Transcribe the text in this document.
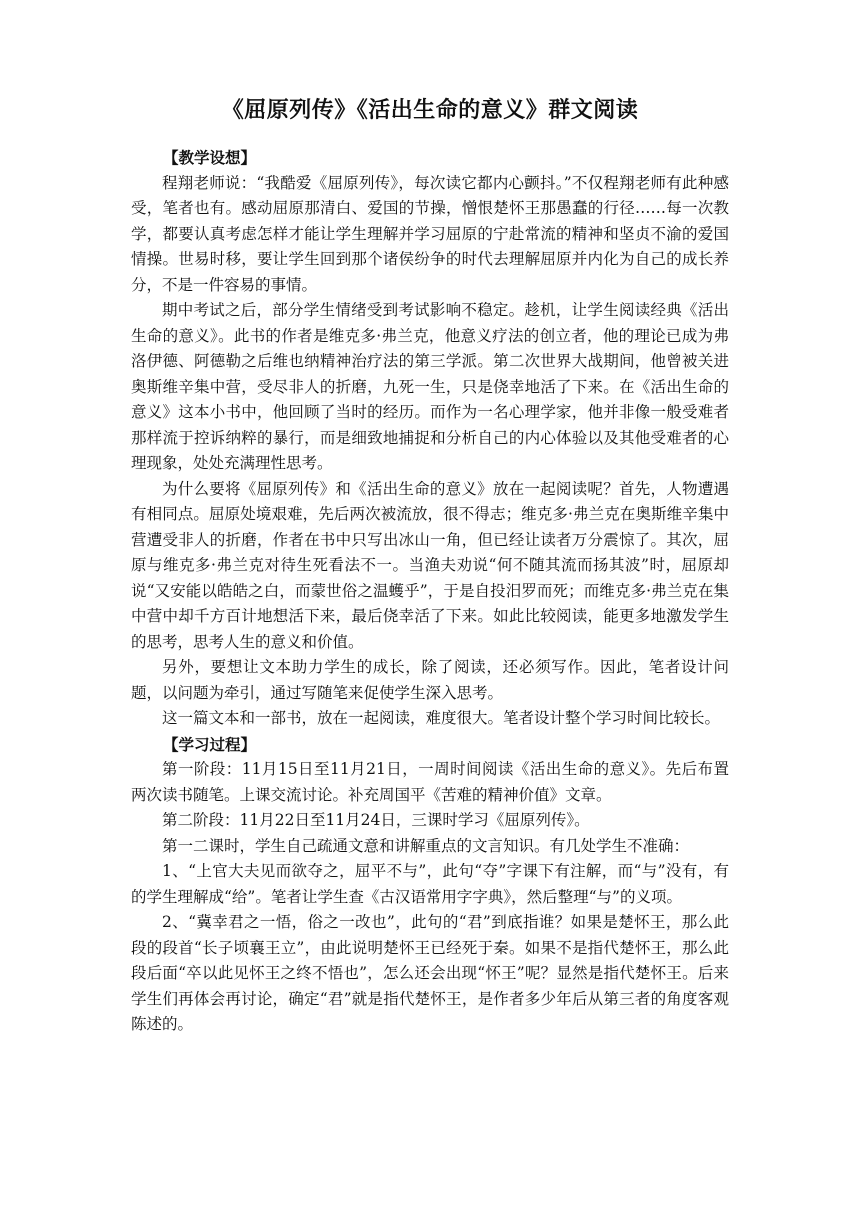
《屈原列传》《活出生命的意义》群文阅读
【教学设想】

程翔老师说：“我酷爱《屈原列传》，每次读它都内心颤抖。”不仅程翔老师有此种感受，笔者也有。感动屈原那清白、爱国的节操，憎恨楚怀王那愚蠢的行径……每一次教学，都要认真考虑怎样才能让学生理解并学习屈原的宁赴常流的精神和坚贞不渝的爱国情操。世易时移，要让学生回到那个诸侯纷争的时代去理解屈原并内化为自己的成长养分，不是一件容易的事情。

期中考试之后，部分学生情绪受到考试影响不稳定。趁机，让学生阅读经典《活出生命的意义》。此书的作者是维克多·弗兰克，他意义疗法的创立者，他的理论已成为弗洛伊德、阿德勒之后维也纳精神治疗法的第三学派。第二次世界大战期间，他曾被关进奥斯维辛集中营，受尽非人的折磨，九死一生，只是侥幸地活了下来。在《活出生命的意义》这本小书中，他回顾了当时的经历。而作为一名心理学家，他并非像一般受难者那样流于控诉纳粹的暴行，而是细致地捕捉和分析自己的内心体验以及其他受难者的心理现象，处处充满理性思考。

为什么要将《屈原列传》和《活出生命的意义》放在一起阅读呢？首先，人物遭遇有相同点。屈原处境艰难，先后两次被流放，很不得志；维克多·弗兰克在奥斯维辛集中营遭受非人的折磨，作者在书中只写出冰山一角，但已经让读者万分震惊了。其次，屈原与维克多·弗兰克对待生死看法不一。当渔夫劝说“何不随其流而扬其波”时，屈原却说“又安能以皓皓之白，而蒙世俗之温蠖乎”，于是自投汨罗而死；而维克多·弗兰克在集中营中却千方百计地想活下来，最后侥幸活了下来。如此比较阅读，能更多地激发学生的思考，思考人生的意义和价值。

另外，要想让文本助力学生的成长，除了阅读，还必须写作。因此，笔者设计问题，以问题为牵引，通过写随笔来促使学生深入思考。

这一篇文本和一部书，放在一起阅读，难度很大。笔者设计整个学习时间比较长。

【学习过程】

第一阶段：11月15日至11月21日，一周时间阅读《活出生命的意义》。先后布置两次读书随笔。上课交流讨论。补充周国平《苦难的精神价值》文章。

第二阶段：11月22日至11月24日，三课时学习《屈原列传》。

第一二课时，学生自己疏通文意和讲解重点的文言知识。有几处学生不准确：

1、“上官大夫见而欲夺之，屈平不与”，此句“夺”字课下有注解，而“与”没有，有的学生理解成“给”。笔者让学生查《古汉语常用字字典》，然后整理“与”的义项。

2、“冀幸君之一悟，俗之一改也”，此句的“君”到底指谁？如果是楚怀王，那么此段的段首“长子顷襄王立”，由此说明楚怀王已经死于秦。如果不是指代楚怀王，那么此段后面“卒以此见怀王之终不悟也”，怎么还会出现“怀王”呢？显然是指代楚怀王。后来学生们再体会再讨论，确定“君”就是指代楚怀王，是作者多少年后从第三者的角度客观陈述的。
